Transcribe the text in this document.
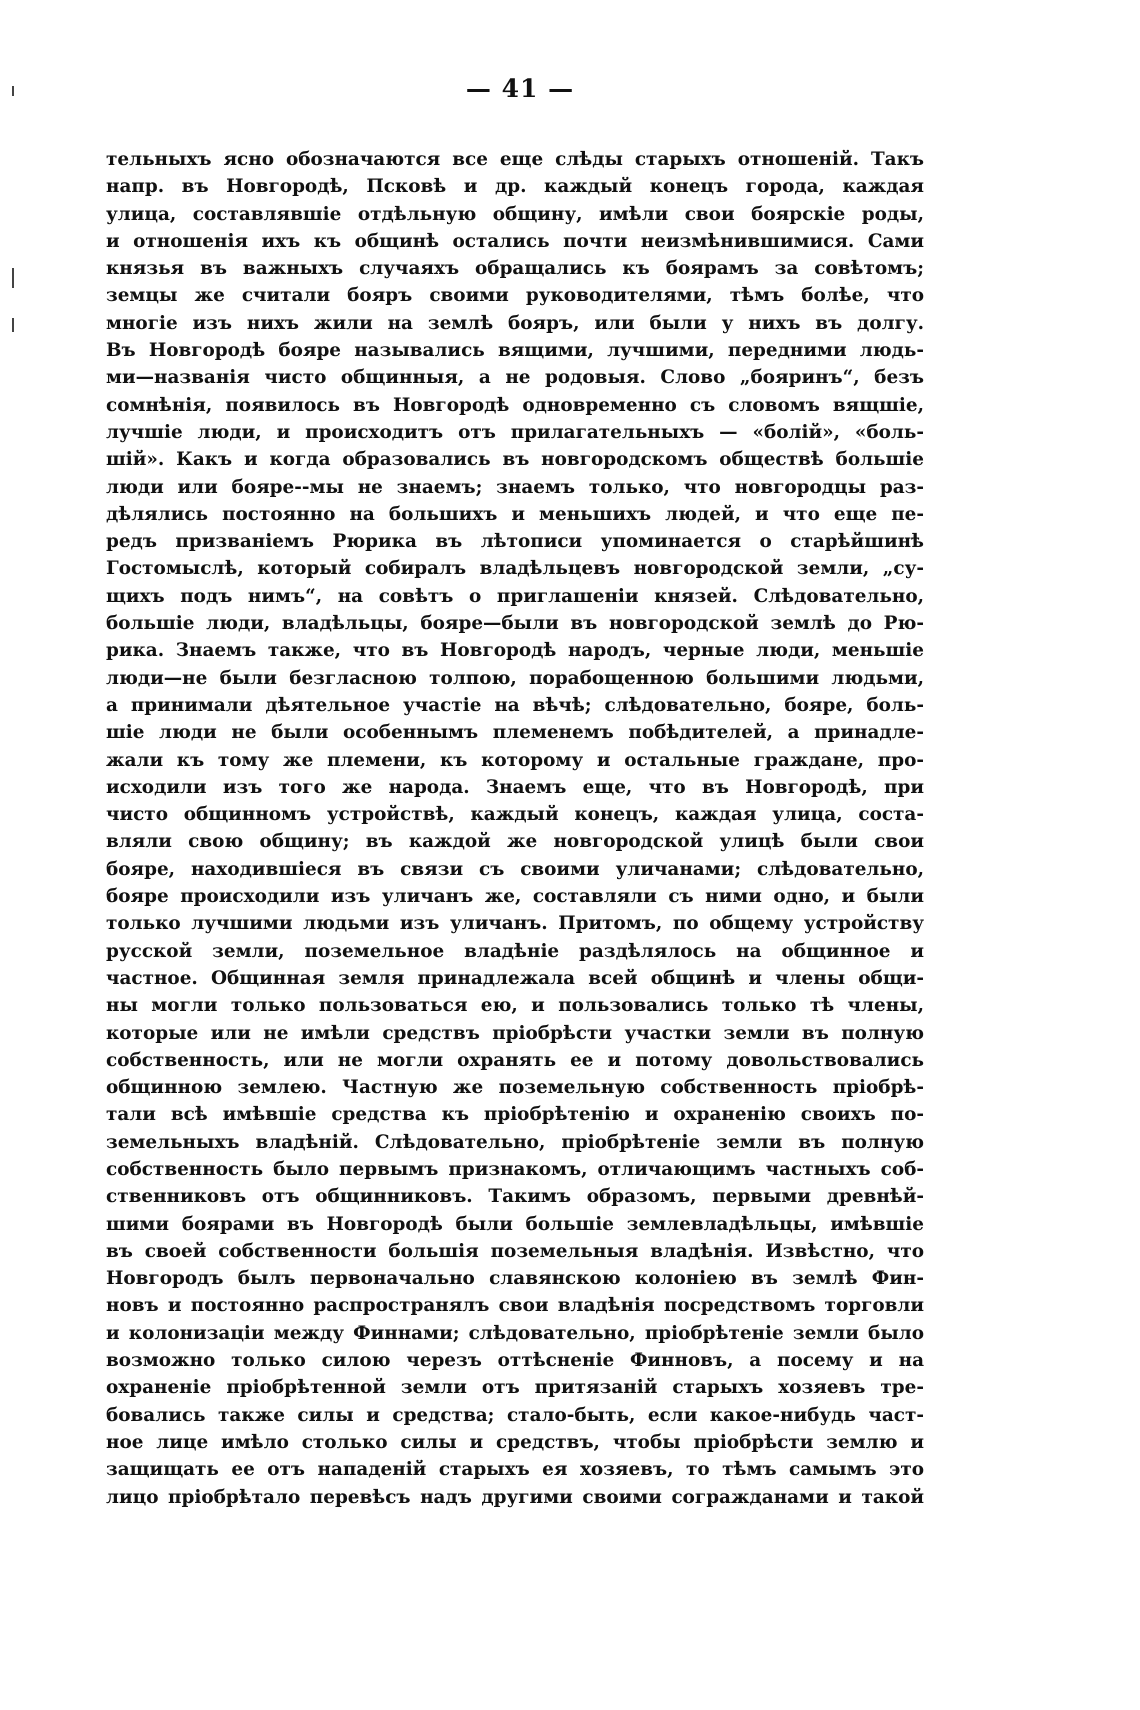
— 41 —
тельныхъ ясно обозначаются все еще слѣды старыхъ отношеній. Такъ
напр. въ Новгородѣ, Псковѣ и др. каждый конецъ города, каждая
улица, составлявшіе отдѣльную общину, имѣли свои боярскіе роды,
и отношенія ихъ къ общинѣ остались почти неизмѣнившимися. Сами
князья въ важныхъ случаяхъ обращались къ боярамъ за совѣтомъ;
земцы же считали бояръ своими руководителями, тѣмъ болѣе, что
многіе изъ нихъ жили на землѣ бояръ, или были у нихъ въ долгу.
Въ Новгородѣ бояре назывались вящими, лучшими, передними людь-
ми—названія чисто общинныя, а не родовыя. Слово „бояринъ“, безъ
сомнѣнія, появилось въ Новгородѣ одновременно съ словомъ вящшіе,
лучшіе люди, и происходитъ отъ прилагательныхъ — «болій», «боль-
шій». Какъ и когда образовались въ новгородскомъ обществѣ большіе
люди или бояре--мы не знаемъ; знаемъ только, что новгородцы раз-
дѣлялись постоянно на большихъ и меньшихъ людей, и что еще пе-
редъ призваніемъ Рюрика въ лѣтописи упоминается о старѣйшинѣ
Гостомыслѣ, который собиралъ владѣльцевъ новгородской земли, „су-
щихъ подъ нимъ“, на совѣтъ о приглашеніи князей. Слѣдовательно,
большіе люди, владѣльцы, бояре—были въ новгородской землѣ до Рю-
рика. Знаемъ также, что въ Новгородѣ народъ, черные люди, меньшіе
люди—не были безгласною толпою, порабощенною большими людьми,
а принимали дѣятельное участіе на вѣчѣ; слѣдовательно, бояре, боль-
шіе люди не были особеннымъ племенемъ побѣдителей, а принадле-
жали къ тому же племени, къ которому и остальные граждане, про-
исходили изъ того же народа. Знаемъ еще, что въ Новгородѣ, при
чисто общинномъ устройствѣ, каждый конецъ, каждая улица, соста-
вляли свою общину; въ каждой же новгородской улицѣ были свои
бояре, находившіеся въ связи съ своими уличанами; слѣдовательно,
бояре происходили изъ уличанъ же, составляли съ ними одно, и были
только лучшими людьми изъ уличанъ. Притомъ, по общему устройству
русской земли, поземельное владѣніе раздѣлялось на общинное и
частное. Общинная земля принадлежала всей общинѣ и члены общи-
ны могли только пользоваться ею, и пользовались только тѣ члены,
которые или не имѣли средствъ пріобрѣсти участки земли въ полную
собственность, или не могли охранять ее и потому довольствовались
общинною землею. Частную же поземельную собственность пріобрѣ-
тали всѣ имѣвшіе средства къ пріобрѣтенію и охраненію своихъ по-
земельныхъ владѣній. Слѣдовательно, пріобрѣтеніе земли въ полную
собственность было первымъ признакомъ, отличающимъ частныхъ соб-
ственниковъ отъ общинниковъ. Такимъ образомъ, первыми древнѣй-
шими боярами въ Новгородѣ были большіе землевладѣльцы, имѣвшіе
въ своей собственности большія поземельныя владѣнія. Извѣстно, что
Новгородъ былъ первоначально славянскою колоніею въ землѣ Фин-
новъ и постоянно распространялъ свои владѣнія посредствомъ торговли
и колонизаціи между Финнами; слѣдовательно, пріобрѣтеніе земли было
возможно только силою черезъ оттѣсненіе Финновъ, а посему и на
охраненіе пріобрѣтенной земли отъ притязаній старыхъ хозяевъ тре-
бовались также силы и средства; стало-быть, если какое-нибудь част-
ное лице имѣло столько силы и средствъ, чтобы пріобрѣсти землю и
защищать ее отъ нападеній старыхъ ея хозяевъ, то тѣмъ самымъ это
лицо пріобрѣтало перевѣсъ надъ другими своими согражданами и такой
